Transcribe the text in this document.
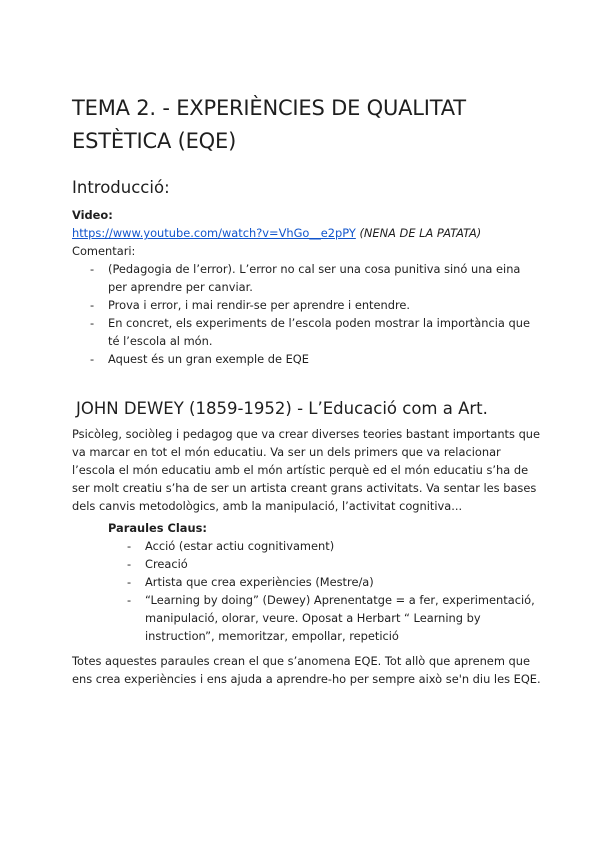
TEMA 2. - EXPERIÈNCIES DE QUALITAT ESTÈTICA (EQE)
Introducció:
Video:
https://www.youtube.com/watch?v=VhGo__e2pPY (NENA DE LA PATATA)
Comentari:
- (Pedagogia de l’error). L’error no cal ser una cosa punitiva sinó una eina per aprendre per canviar.
- Prova i error, i mai rendir-se per aprendre i entendre.
- En concret, els experiments de l’escola poden mostrar la importància que té l’escola al món.
- Aquest és un gran exemple de EQE
JOHN DEWEY (1859-1952) - L’Educació com a Art.
Psicòleg, sociòleg i pedagog que va crear diverses teories bastant importants que va marcar en tot el món educatiu. Va ser un dels primers que va relacionar l’escola el món educatiu amb el món artístic perquè ed el món educatiu s’ha de ser molt creatiu s’ha de ser un artista creant grans activitats. Va sentar les bases dels canvis metodològics, amb la manipulació, l’activitat cognitiva...
Paraules Claus:
- Acció (estar actiu cognitivament)
- Creació
- Artista que crea experiències (Mestre/a)
- “Learning by doing” (Dewey) Aprenentatge = a fer, experimentació, manipulació, olorar, veure. Oposat a Herbart “ Learning by instruction”, memoritzar, empollar, repetició
Totes aquestes paraules crean el que s’anomena EQE. Tot allò que aprenem que ens crea experiències i ens ajuda a aprendre-ho per sempre això se'n diu les EQE.
